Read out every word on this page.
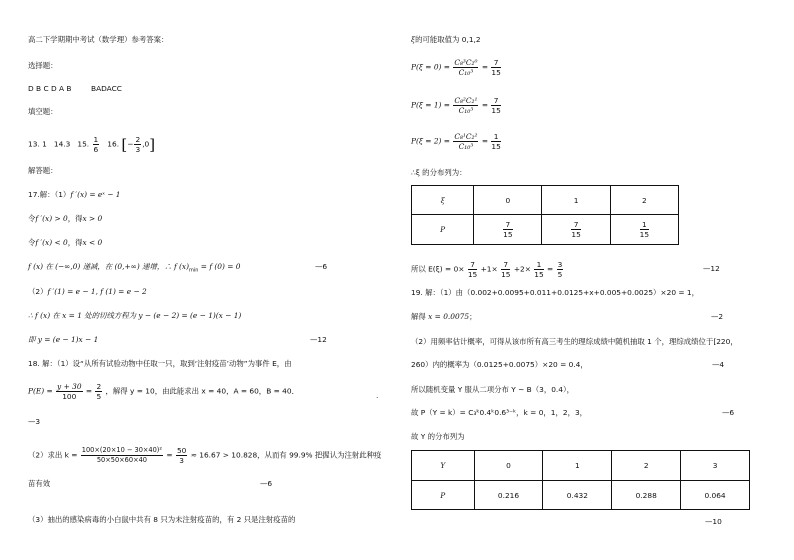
高二下学期期中考试（数学理）参考答案：
选择题：
D B C D A B	BADACC
填空题：
13. 1 14.3 15. $\frac{1}{6} 16$. [− $\frac{2}{3} ,0$]
解答题：
17.解：（1）f ′(x) = eˣ − 1
令f ′(x) > 0，得x > 0
令f ′(x) < 0，得x < 0
f (x) 在 (−∞,0) 递减，在 (0,+∞) 递增，∴ f $(x)_{min} = f$ (0) = 0	—6
（2）f ′(1) = e − 1, f (1) = e − 2
∴ f (x) 在 x = 1 处的切线方程为 y − (e − 2) = (e − 1)(x − 1)
即 y = (e − 1)x − 1	—12
18. 解：（1）设“从所有试验动物中任取一只，取到‘注射疫苗’动物”为事件 E，由
$P(E) = \frac{y + 30}{100} = \frac{2}{5}$ ，解得 y = 10，由此能求出 x = 40，A = 60，B = 40．
·
—3
（2）求出 $k = \frac{\text{100×(20×10 − 30×40)²}}{50\times 50\times 60\times 40} = \frac{50}{3} \approx 16.67 > 10.828$，从而有 99.9% 把握认为注射此种疫
苗有效	—6
（3）抽出的感染病毒的小白鼠中共有 8 只为未注射疫苗的，有 2 只是注射疫苗的
ξ的可能取值为 0,1,2
$P(\xi = 0) = \frac{\text{C₈³C₂⁰}}{\text{C₁₀³}} = \frac{7}{15}$
$P(\xi = 1) = \frac{\text{C₈²C₂¹}}{\text{C₁₀³}} = \frac{7}{15}$
$P(\xi = 2) = \frac{\text{C₈¹C₂²}}{\text{C₁₀³}} = \frac{1}{15}$
∴ξ 的分布列为：
ξ	0	1	2
P	$\frac{7}{15}$	$\frac{7}{15}$	$\frac{1}{15}$
所以 $E(\xi) = 0\times \frac{7}{15} +1\times \frac{7}{15} +2\times \frac{1}{15} = \frac{3}{5}$	—12
19. 解：（1）由（0.002+0.0095+0.011+0.0125+x+0.005+0.0025）×20 = 1，
解得 x = 0.0075；	—2
（2）用频率估计概率，可得从该市所有高三考生的理综成绩中随机抽取 1 个，理综成绩位于[220，
260）内的概率为（0.0125+0.0075）×20 = 0.4，	—4
所以随机变量 Y 服从二项分布 Y ~ B（3，0.4），
故 P（Y = k）= C₃ᵏ0.4ᵏ0.6³⁻ᵏ，k = 0，1，2，3，	—6
故 Y 的分布列为
Y	0	1	2	3
P	0.216	0.432	0.288	0.064
—10
